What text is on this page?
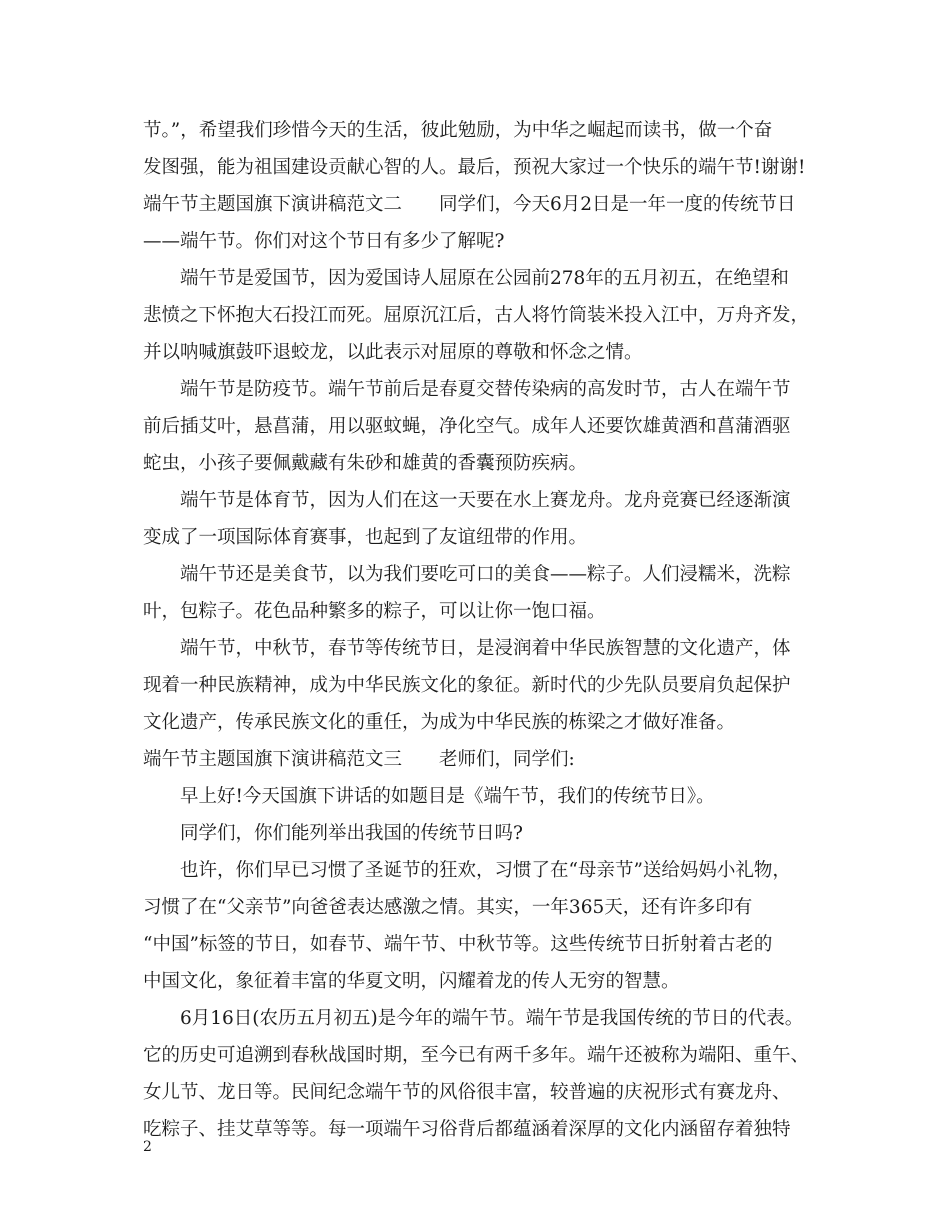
节。”，希望我们珍惜今天的生活，彼此勉励，为中华之崛起而读书，做一个奋
发图强，能为祖国建设贡献心智的人。最后，预祝大家过一个快乐的端午节!谢谢!
端午节主题国旗下演讲稿范文二　　同学们，今天6月2日是一年一度的传统节日
——端午节。你们对这个节日有多少了解呢?
端午节是爱国节，因为爱国诗人屈原在公园前278年的五月初五，在绝望和
悲愤之下怀抱大石投江而死。屈原沉江后，古人将竹筒装米投入江中，万舟齐发，
并以呐喊旗鼓吓退蛟龙，以此表示对屈原的尊敬和怀念之情。
端午节是防疫节。端午节前后是春夏交替传染病的高发时节，古人在端午节
前后插艾叶，悬菖蒲，用以驱蚊蝇，净化空气。成年人还要饮雄黄酒和菖蒲酒驱
蛇虫，小孩子要佩戴藏有朱砂和雄黄的香囊预防疾病。
端午节是体育节，因为人们在这一天要在水上赛龙舟。龙舟竞赛已经逐渐演
变成了一项国际体育赛事，也起到了友谊纽带的作用。
端午节还是美食节，以为我们要吃可口的美食——粽子。人们浸糯米，洗粽
叶，包粽子。花色品种繁多的粽子，可以让你一饱口福。
端午节，中秋节，春节等传统节日，是浸润着中华民族智慧的文化遗产，体
现着一种民族精神，成为中华民族文化的象征。新时代的少先队员要肩负起保护
文化遗产，传承民族文化的重任，为成为中华民族的栋梁之才做好准备。
端午节主题国旗下演讲稿范文三　　老师们，同学们:
早上好!今天国旗下讲话的如题目是《端午节，我们的传统节日》。
同学们，你们能列举出我国的传统节日吗?
也许，你们早已习惯了圣诞节的狂欢，习惯了在“母亲节”送给妈妈小礼物，
习惯了在“父亲节”向爸爸表达感激之情。其实，一年365天，还有许多印有
“中国”标签的节日，如春节、端午节、中秋节等。这些传统节日折射着古老的
中国文化，象征着丰富的华夏文明，闪耀着龙的传人无穷的智慧。
6月16日(农历五月初五)是今年的端午节。端午节是我国传统的节日的代表。
它的历史可追溯到春秋战国时期，至今已有两千多年。端午还被称为端阳、重午、
女儿节、龙日等。民间纪念端午节的风俗很丰富，较普遍的庆祝形式有赛龙舟、
吃粽子、挂艾草等等。每一项端午习俗背后都蕴涵着深厚的文化内涵留存着独特
2
